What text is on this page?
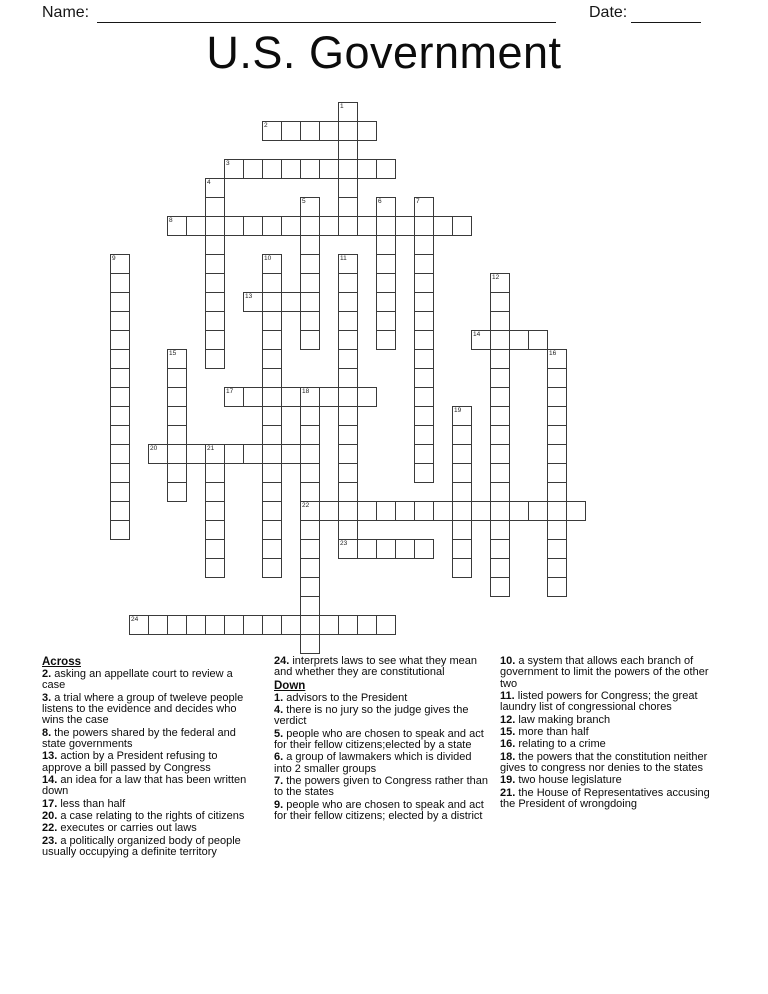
Name:	Date:
U.S. Government
2
3
8
13
14
17	18
20	21
22
23
24
1
4
5	6	7
9	10	11
12
15	16
19
Across
2. asking an appellate court to review a case
3. a trial where a group of tweleve people listens to the evidence and decides who wins the case
8. the powers shared by the federal and state governments
13. action by a President refusing to approve a bill passed by Congress
14. an idea for a law that has been written down
17. less than half
20. a case relating to the rights of citizens
22. executes or carries out laws
23. a politically organized body of people usually occupying a definite territory
24. interprets laws to see what they mean and whether they are constitutional
Down
1. advisors to the President
4. there is no jury so the judge gives the verdict
5. people who are chosen to speak and act for their fellow citizens;elected by a state
6. a group of lawmakers which is divided into 2 smaller groups
7. the powers given to Congress rather than to the states
9. people who are chosen to speak and act for their fellow citizens; elected by a district
10. a system that allows each branch of government to limit the powers of the other two
11. listed powers for Congress; the great laundry list of congressional chores
12. law making branch
15. more than half
16. relating to a crime
18. the powers that the constitution neither gives to congress nor denies to the states
19. two house legislature
21. the House of Representatives accusing the President of wrongdoing
